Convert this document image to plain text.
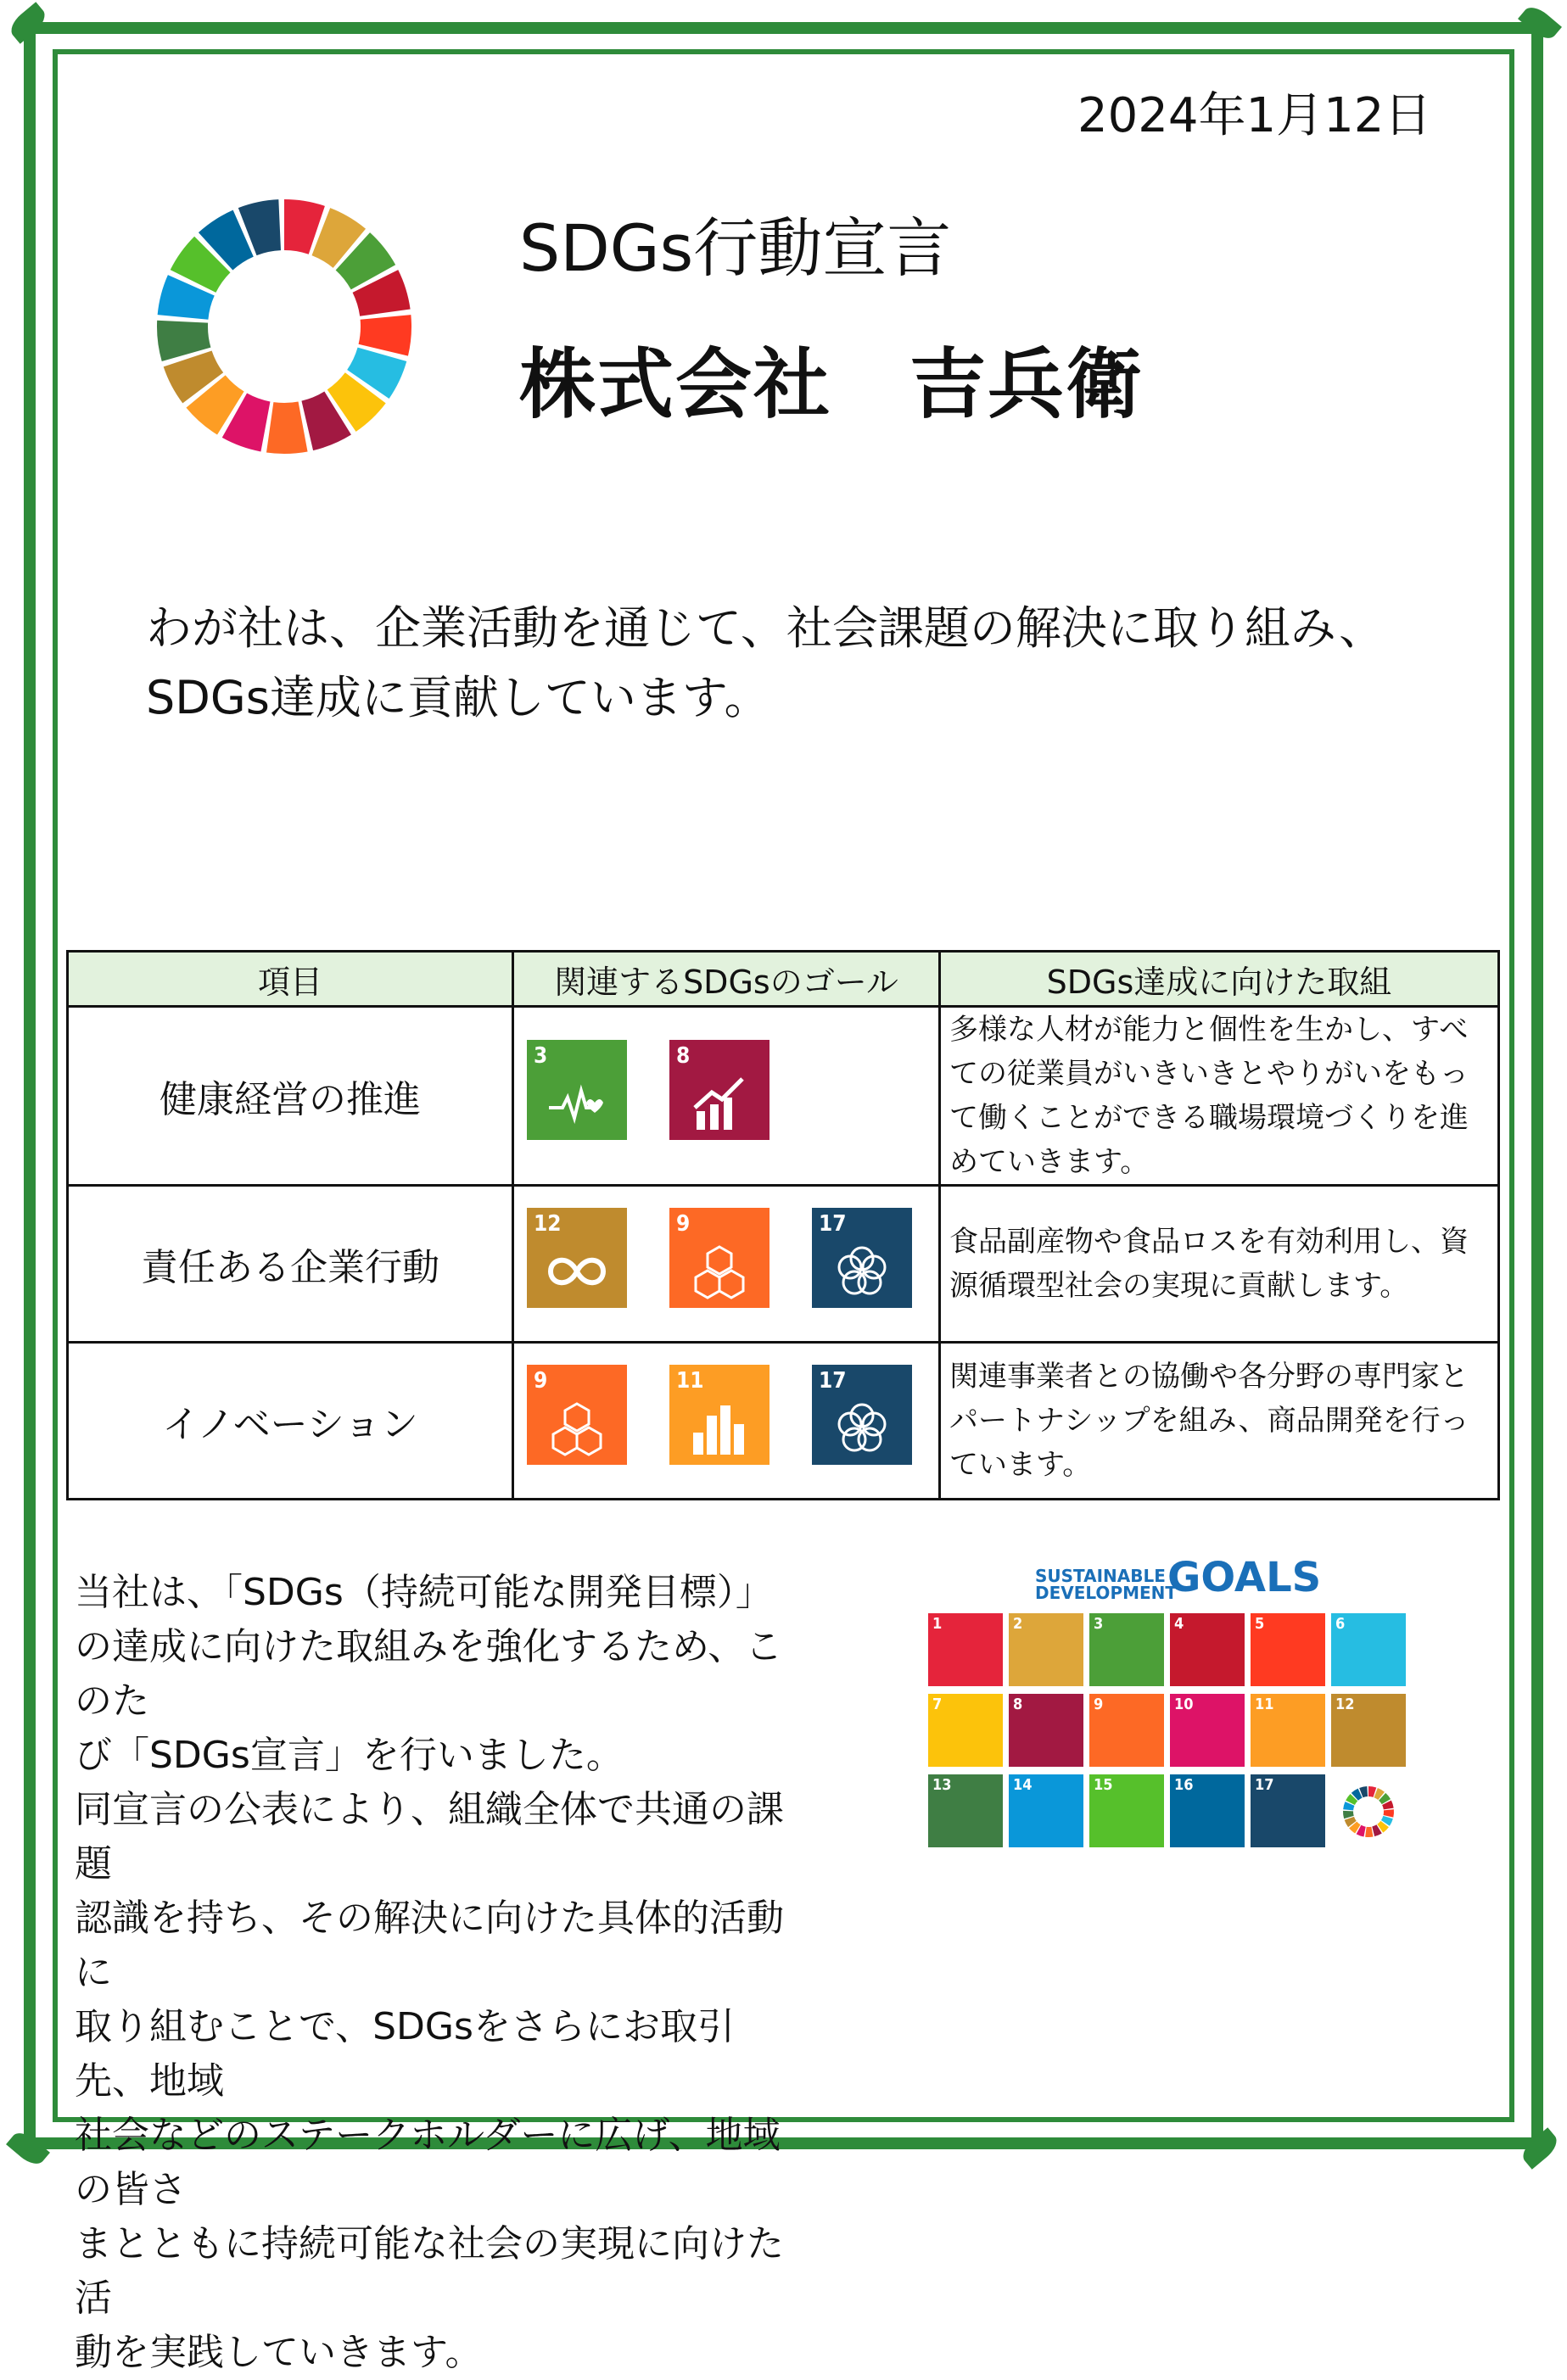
2024年1月12日
SDGs行動宣言
株式会社　吉兵衛
わが社は、企業活動を通じて、社会課題の解決に取り組み、
SDGs達成に貢献しています。
項目	関連するSDGsのゴール	SDGs達成に向けた取組
健康経営の推進	3 8	多様な人材が能力と個性を生かし、すべての従業員がいきいきとやりがいをもって働くことができる職場環境づくりを進めていきます。
責任ある企業行動	12 9 17	食品副産物や食品ロスを有効利用し、資源循環型社会の実現に貢献します。
イノベーション	9 11 17	関連事業者との協働や各分野の専門家とパートナシップを組み、商品開発を行っています。
当社は、「SDGs（持続可能な開発目標）」
の達成に向けた取組みを強化するため、このた
び「SDGs宣言」を行いました。
同宣言の公表により、組織全体で共通の課題
認識を持ち、その解決に向けた具体的活動に
取り組むことで、SDGsをさらにお取引先、地域
社会などのステークホルダーに広げ、地域の皆さ
まとともに持続可能な社会の実現に向けた活
動を実践していきます。
SUSTAINABLE
DEVELOPMENT
GOALS
1	2	3	4	5	6
7	8	9	10	11	12
13	14	15	16	17
